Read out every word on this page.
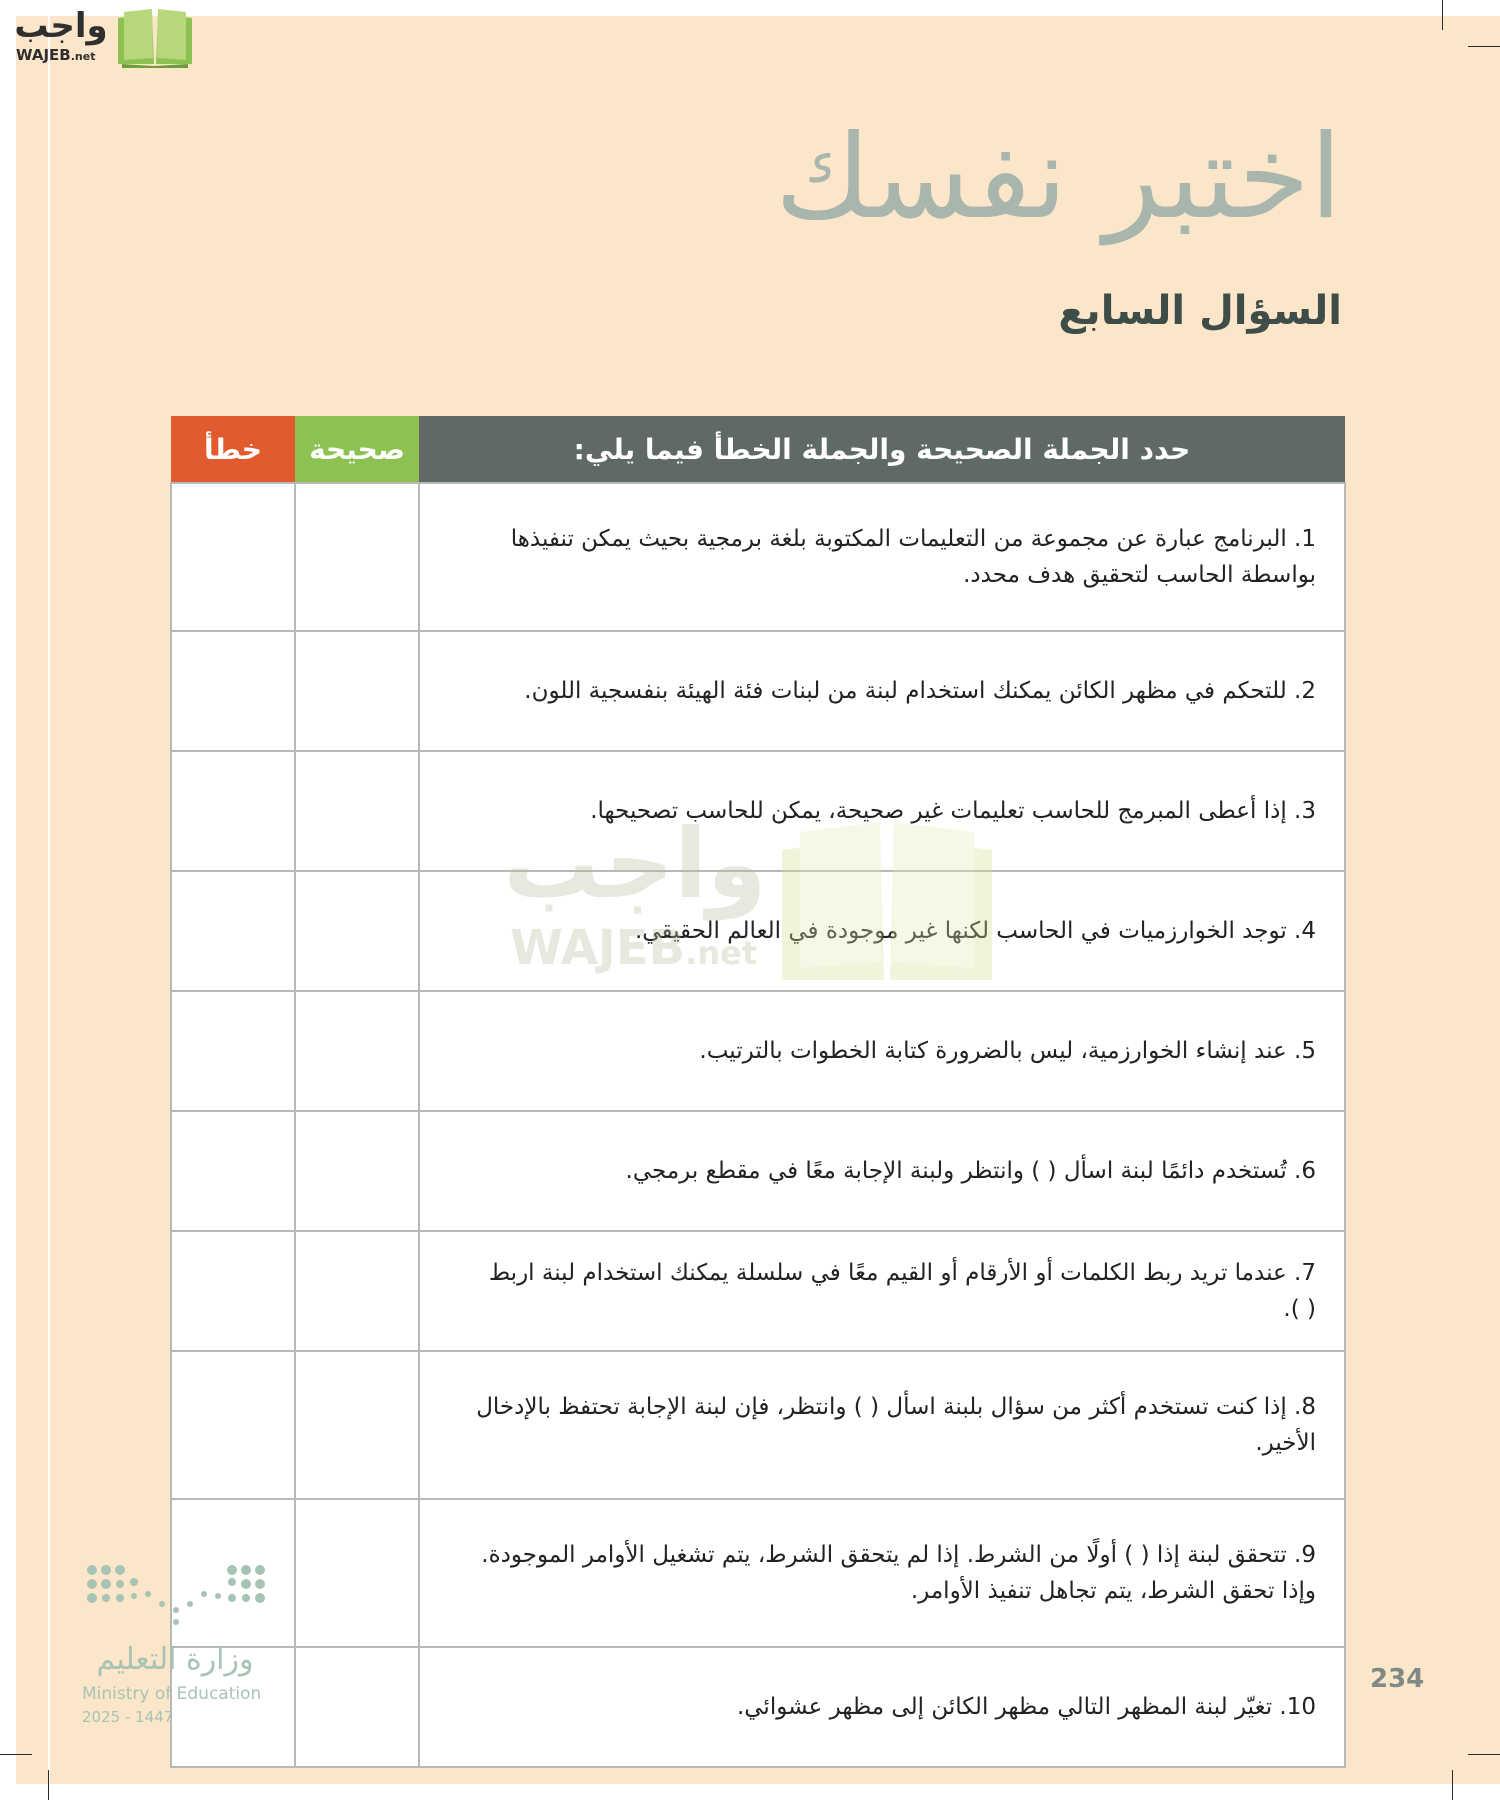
واجب
WAJEB.net
اختبر نفسك
السؤال السابع
خطأ	صحيحة	حدد الجملة الصحيحة والجملة الخطأ فيما يلي:
		1. البرنامج عبارة عن مجموعة من التعليمات المكتوبة بلغة برمجية بحيث يمكن تنفيذها بواسطة الحاسب لتحقيق هدف محدد.
		2. للتحكم في مظهر الكائن يمكنك استخدام لبنة من لبنات فئة الهيئة بنفسجية اللون.
		3. إذا أعطى المبرمج للحاسب تعليمات غير صحيحة، يمكن للحاسب تصحيحها.
		4. توجد الخوارزميات في الحاسب لكنها غير موجودة في العالم الحقيقي.
		5. عند إنشاء الخوارزمية، ليس بالضرورة كتابة الخطوات بالترتيب.
		6. تُستخدم دائمًا لبنة اسأل ( ) وانتظر ولبنة الإجابة معًا في مقطع برمجي.
		7. عندما تريد ربط الكلمات أو الأرقام أو القيم معًا في سلسلة يمكنك استخدام لبنة اربط ( ).
		8. إذا كنت تستخدم أكثر من سؤال بلبنة اسأل ( ) وانتظر، فإن لبنة الإجابة تحتفظ بالإدخال الأخير.
		9. تتحقق لبنة إذا ( ) أولًا من الشرط. إذا لم يتحقق الشرط، يتم تشغيل الأوامر الموجودة. وإذا تحقق الشرط، يتم تجاهل تنفيذ الأوامر.
		10. تغيّر لبنة المظهر التالي مظهر الكائن إلى مظهر عشوائي.
واجب
WAJEB.net
وزارة التعليم
Ministry of Education
2025 - 1447
234
